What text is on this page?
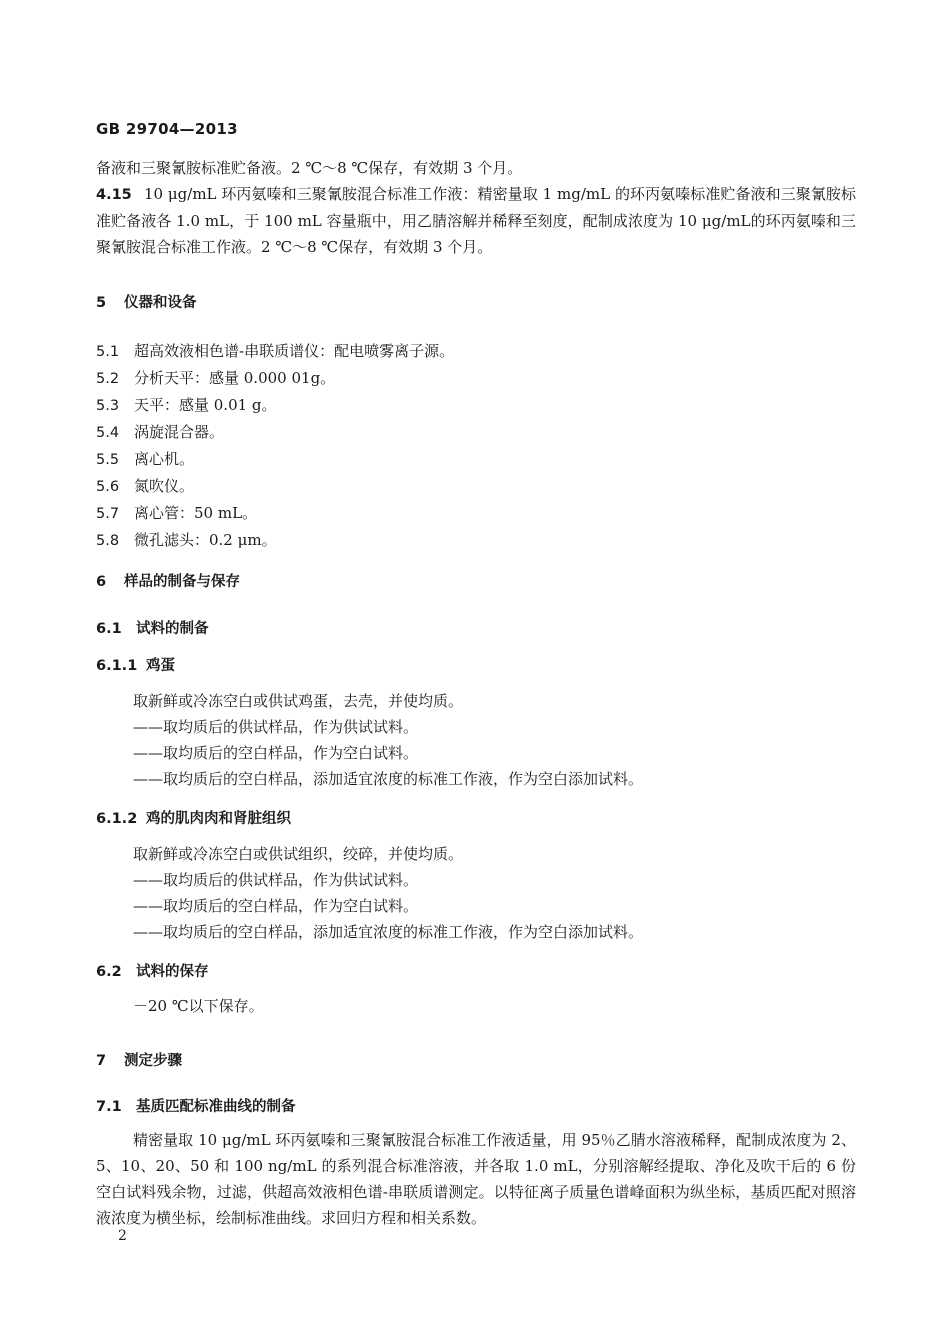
GB 29704—2013
备液和三聚氰胺标准贮备液。2 ℃～8 ℃保存，有效期 3 个月。
4.15 10 μg/mL 环丙氨嗪和三聚氰胺混合标准工作液：精密量取 1 mg/mL 的环丙氨嗪标准贮备液和三聚氰胺标准贮备液各 1.0 mL，于 100 mL 容量瓶中，用乙腈溶解并稀释至刻度，配制成浓度为 10 μg/mL的环丙氨嗪和三聚氰胺混合标准工作液。2 ℃～8 ℃保存，有效期 3 个月。
5 仪器和设备
5.1 超高效液相色谱-串联质谱仪：配电喷雾离子源。
5.2 分析天平：感量 0.000 01g。
5.3 天平：感量 0.01 g。
5.4 涡旋混合器。
5.5 离心机。
5.6 氮吹仪。
5.7 离心管：50 mL。
5.8 微孔滤头：0.2 μm。
6 样品的制备与保存
6.1 试料的制备
6.1.1 鸡蛋
取新鲜或冷冻空白或供试鸡蛋，去壳，并使均质。
——取均质后的供试样品，作为供试试料。
——取均质后的空白样品，作为空白试料。
——取均质后的空白样品，添加适宜浓度的标准工作液，作为空白添加试料。
6.1.2 鸡的肌肉肉和肾脏组织
取新鲜或冷冻空白或供试组织，绞碎，并使均质。
——取均质后的供试样品，作为供试试料。
——取均质后的空白样品，作为空白试料。
——取均质后的空白样品，添加适宜浓度的标准工作液，作为空白添加试料。
6.2 试料的保存
－20 ℃以下保存。
7 测定步骤
7.1 基质匹配标准曲线的制备
精密量取 10 μg/mL 环丙氨嗪和三聚氰胺混合标准工作液适量，用 95％乙腈水溶液稀释，配制成浓度为 2、5、10、20、50 和 100 ng/mL 的系列混合标准溶液，并各取 1.0 mL，分别溶解经提取、净化及吹干后的 6 份空白试料残余物，过滤，供超高效液相色谱-串联质谱测定。以特征离子质量色谱峰面积为纵坐标，基质匹配对照溶液浓度为横坐标，绘制标准曲线。求回归方程和相关系数。
2
